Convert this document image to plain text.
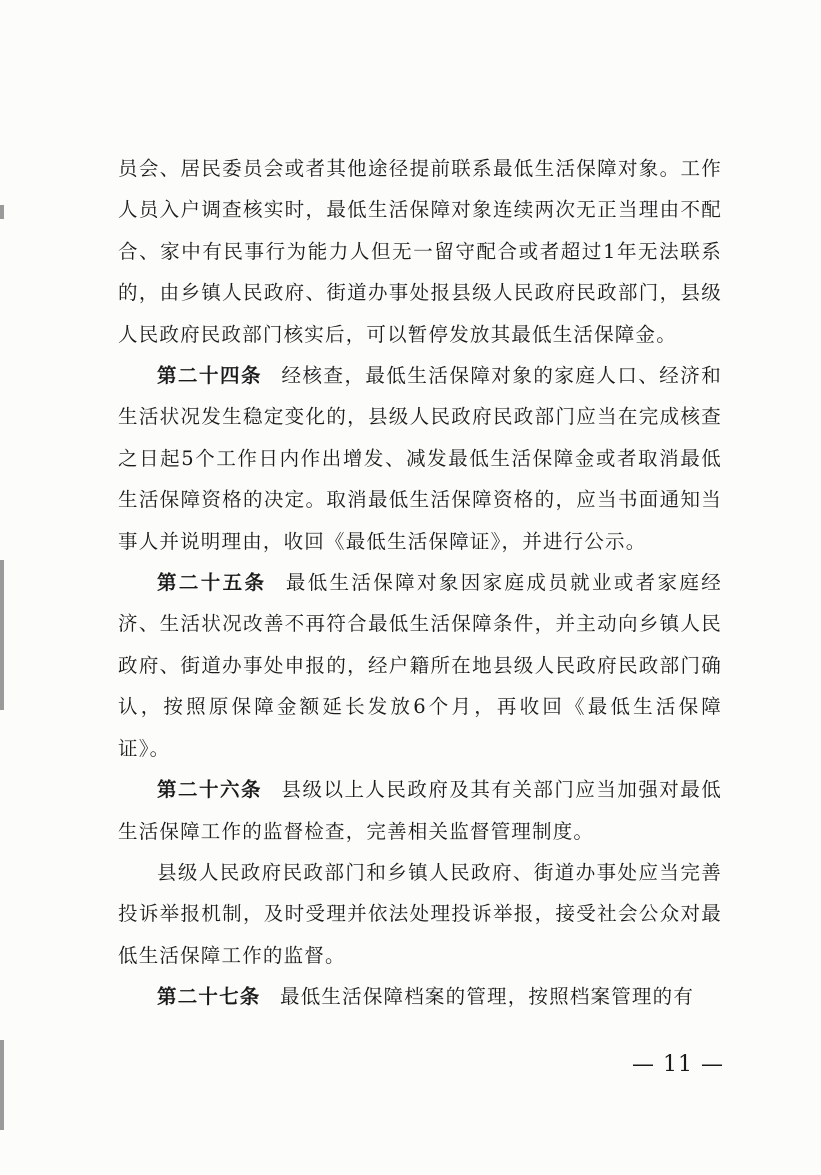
员会、居民委员会或者其他途径提前联系最低生活保障对象。工作人员入户调查核实时，最低生活保障对象连续两次无正当理由不配合、家中有民事行为能力人但无一留守配合或者超过1年无法联系的，由乡镇人民政府、街道办事处报县级人民政府民政部门，县级人民政府民政部门核实后，可以暂停发放其最低生活保障金。

第二十四条 经核查，最低生活保障对象的家庭人口、经济和生活状况发生稳定变化的，县级人民政府民政部门应当在完成核查之日起5个工作日内作出增发、减发最低生活保障金或者取消最低生活保障资格的决定。取消最低生活保障资格的，应当书面通知当事人并说明理由，收回《最低生活保障证》，并进行公示。

第二十五条 最低生活保障对象因家庭成员就业或者家庭经济、生活状况改善不再符合最低生活保障条件，并主动向乡镇人民政府、街道办事处申报的，经户籍所在地县级人民政府民政部门确认，按照原保障金额延长发放6个月，再收回《最低生活保障证》。

第二十六条 县级以上人民政府及其有关部门应当加强对最低生活保障工作的监督检查，完善相关监督管理制度。

县级人民政府民政部门和乡镇人民政府、街道办事处应当完善投诉举报机制，及时受理并依法处理投诉举报，接受社会公众对最低生活保障工作的监督。

第二十七条 最低生活保障档案的管理，按照档案管理的有

— 11 —
